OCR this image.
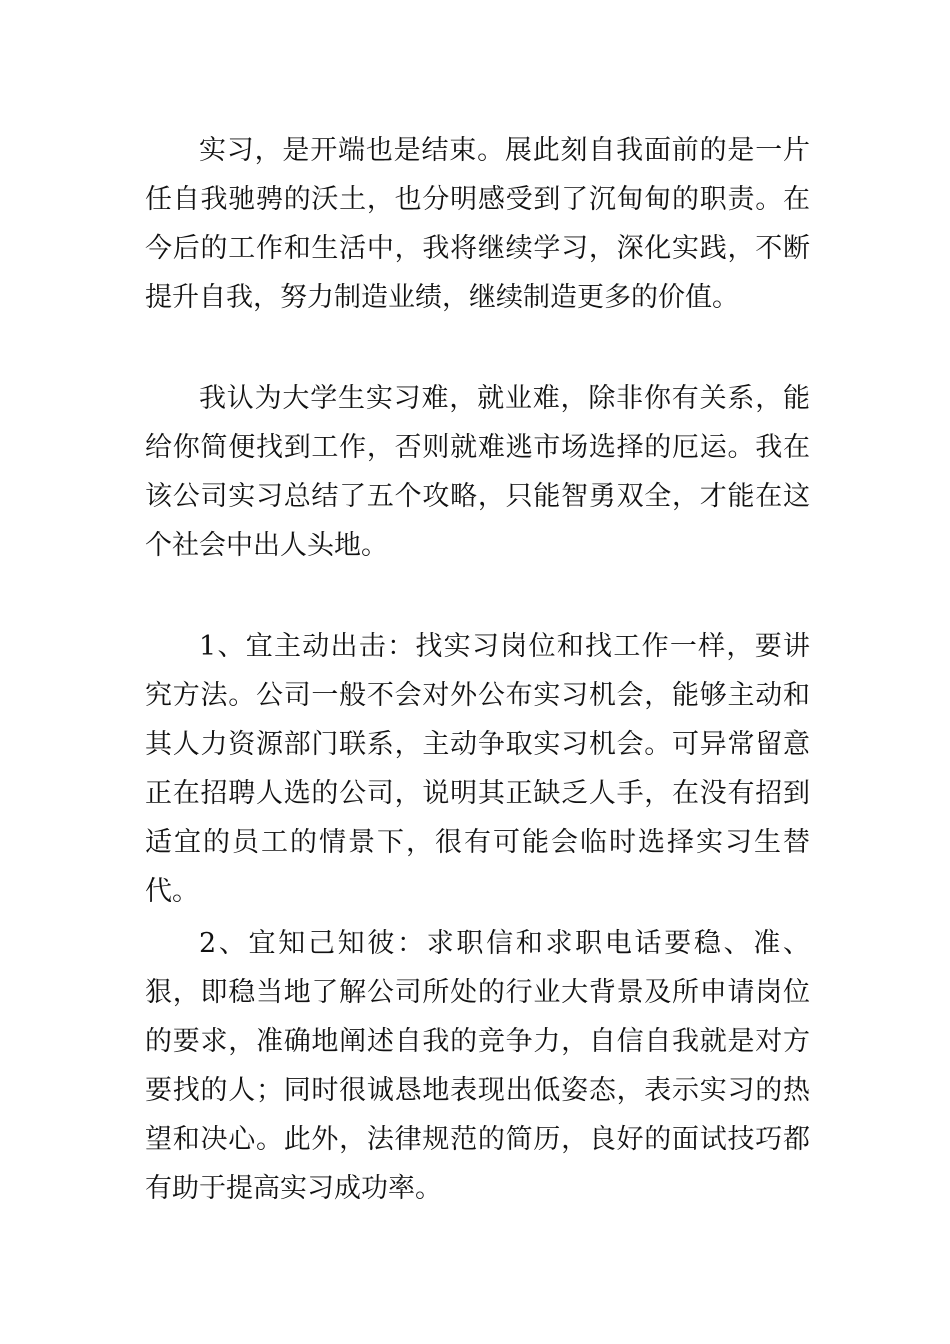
实习，是开端也是结束。展此刻自我面前的是一片任自我驰骋的沃土，也分明感受到了沉甸甸的职责。在今后的工作和生活中，我将继续学习，深化实践，不断提升自我，努力制造业绩，继续制造更多的价值。

我认为大学生实习难，就业难，除非你有关系，能给你简便找到工作，否则就难逃市场选择的厄运。我在该公司实习总结了五个攻略，只能智勇双全，才能在这个社会中出人头地。

1、宜主动出击：找实习岗位和找工作一样，要讲究方法。公司一般不会对外公布实习机会，能够主动和其人力资源部门联系，主动争取实习机会。可异常留意正在招聘人选的公司，说明其正缺乏人手，在没有招到适宜的员工的情景下，很有可能会临时选择实习生替代。

2、宜知己知彼：求职信和求职电话要稳、准、狠，即稳当地了解公司所处的行业大背景及所申请岗位的要求，准确地阐述自我的竞争力，自信自我就是对方要找的人；同时很诚恳地表现出低姿态，表示实习的热望和决心。此外，法律规范的简历，良好的面试技巧都有助于提高实习成功率。
